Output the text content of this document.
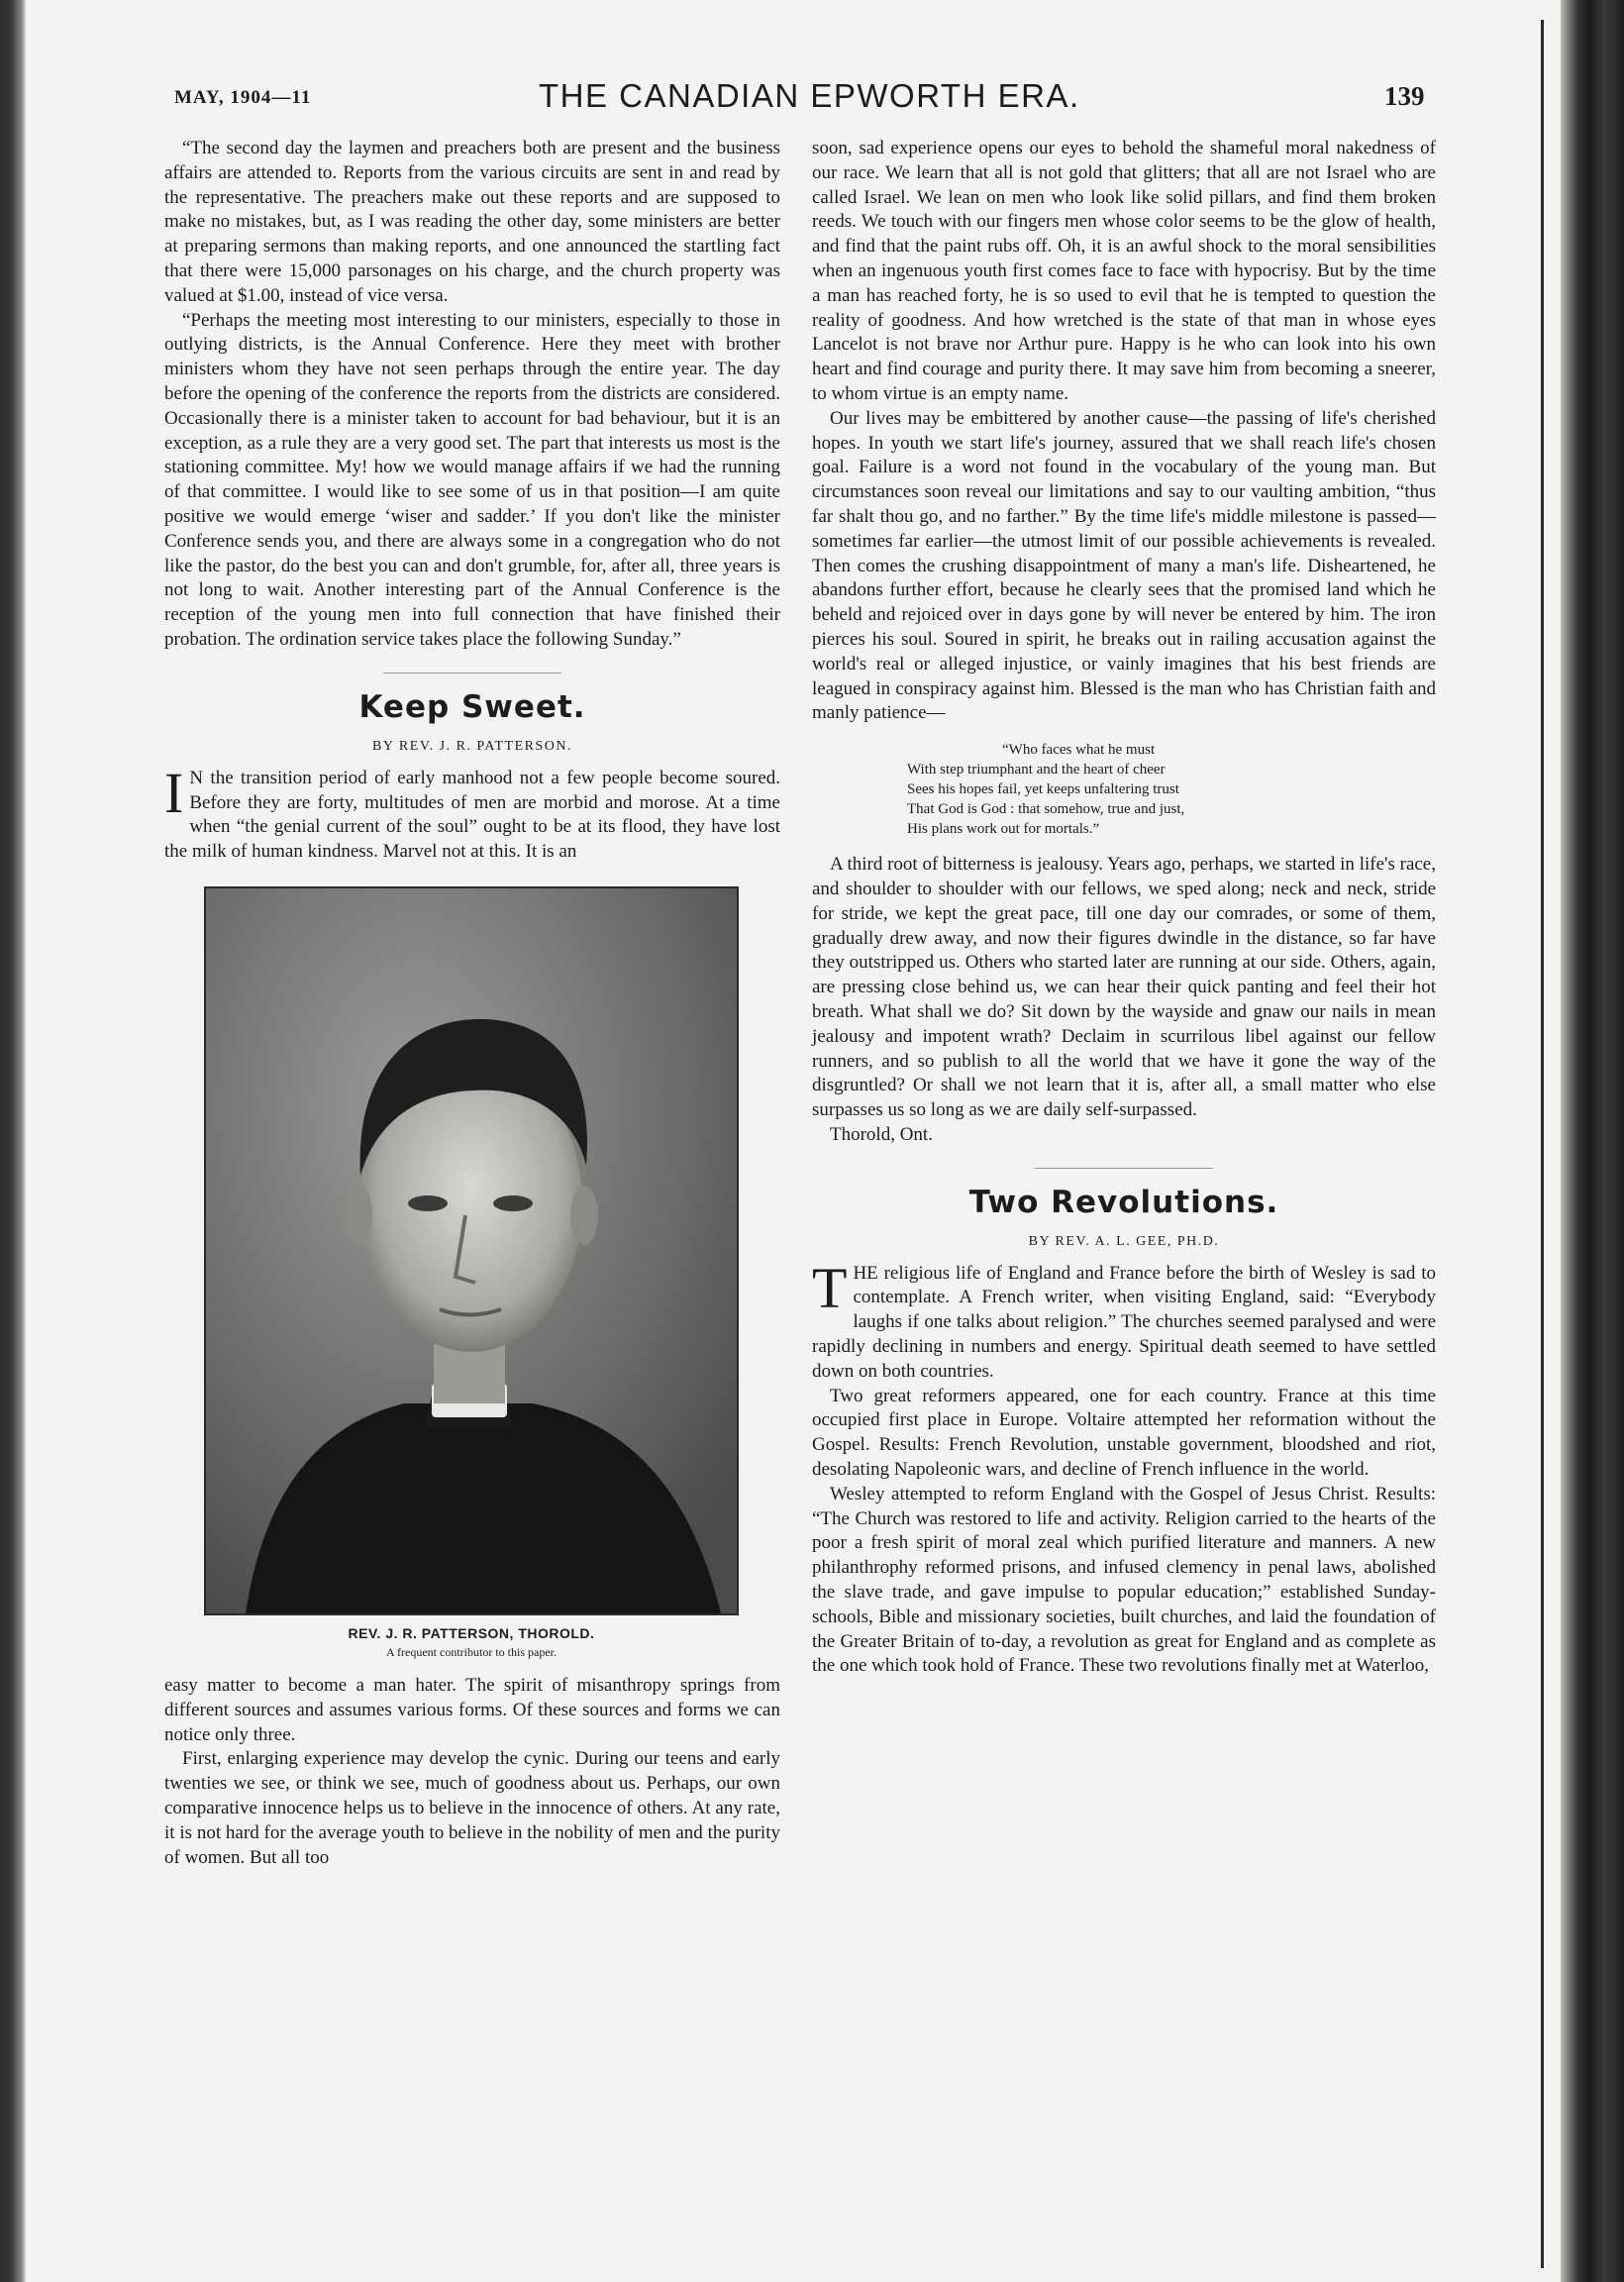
MAY, 1904—11	THE CANADIAN EPWORTH ERA.	139

“The second day the laymen and preachers both are present and the business affairs are attended to. Reports from the various circuits are sent in and read by the representative. The preachers make out these reports and are supposed to make no mistakes, but, as I was reading the other day, some ministers are better at preparing sermons than making reports, and one announced the startling fact that there were 15,000 parsonages on his charge, and the church property was valued at $1.00, instead of vice versa.

“Perhaps the meeting most interesting to our ministers, especially to those in outlying districts, is the Annual Conference. Here they meet with brother ministers whom they have not seen perhaps through the entire year. The day before the opening of the conference the reports from the districts are considered. Occasionally there is a minister taken to account for bad behaviour, but it is an exception, as a rule they are a very good set. The part that interests us most is the stationing committee. My! how we would manage affairs if we had the running of that committee. I would like to see some of us in that position—I am quite positive we would emerge ‘wiser and sadder.’ If you don't like the minister Conference sends you, and there are always some in a congregation who do not like the pastor, do the best you can and don't grumble, for, after all, three years is not long to wait. Another interesting part of the Annual Conference is the reception of the young men into full connection that have finished their probation. The ordination service takes place the following Sunday.”

Keep Sweet.
BY REV. J. R. PATTERSON.

I N the transition period of early manhood not a few people become soured. Before they are forty, multitudes of men are morbid and morose. At a time when “the genial current of the soul” ought to be at its flood, they have lost the milk of human kindness. Marvel not at this. It is an

REV. J. R. PATTERSON, THOROLD.
A frequent contributor to this paper.

easy matter to become a man hater. The spirit of misanthropy springs from different sources and assumes various forms. Of these sources and forms we can notice only three.

First, enlarging experience may develop the cynic. During our teens and early twenties we see, or think we see, much of goodness about us. Perhaps, our own comparative innocence helps us to believe in the innocence of others. At any rate, it is not hard for the average youth to believe in the nobility of men and the purity of women. But all too

soon, sad experience opens our eyes to behold the shameful moral nakedness of our race. We learn that all is not gold that glitters; that all are not Israel who are called Israel. We lean on men who look like solid pillars, and find them broken reeds. We touch with our fingers men whose color seems to be the glow of health, and find that the paint rubs off. Oh, it is an awful shock to the moral sensibilities when an ingenuous youth first comes face to face with hypocrisy. But by the time a man has reached forty, he is so used to evil that he is tempted to question the reality of goodness. And how wretched is the state of that man in whose eyes Lancelot is not brave nor Arthur pure. Happy is he who can look into his own heart and find courage and purity there. It may save him from becoming a sneerer, to whom virtue is an empty name.

Our lives may be embittered by another cause—the passing of life's cherished hopes. In youth we start life's journey, assured that we shall reach life's chosen goal. Failure is a word not found in the vocabulary of the young man. But circumstances soon reveal our limitations and say to our vaulting ambition, “thus far shalt thou go, and no farther.” By the time life's middle milestone is passed—sometimes far earlier—the utmost limit of our possible achievements is revealed. Then comes the crushing disappointment of many a man's life. Disheartened, he abandons further effort, because he clearly sees that the promised land which he beheld and rejoiced over in days gone by will never be entered by him. The iron pierces his soul. Soured in spirit, he breaks out in railing accusation against the world's real or alleged injustice, or vainly imagines that his best friends are leagued in conspiracy against him. Blessed is the man who has Christian faith and manly patience—

“Who faces what he must
With step triumphant and the heart of cheer
Sees his hopes fail, yet keeps unfaltering trust
That God is God : that somehow, true and just,
His plans work out for mortals.”

A third root of bitterness is jealousy. Years ago, perhaps, we started in life's race, and shoulder to shoulder with our fellows, we sped along; neck and neck, stride for stride, we kept the great pace, till one day our comrades, or some of them, gradually drew away, and now their figures dwindle in the distance, so far have they outstripped us. Others who started later are running at our side. Others, again, are pressing close behind us, we can hear their quick panting and feel their hot breath. What shall we do? Sit down by the wayside and gnaw our nails in mean jealousy and impotent wrath? Declaim in scurrilous libel against our fellow runners, and so publish to all the world that we have it gone the way of the disgruntled? Or shall we not learn that it is, after all, a small matter who else surpasses us so long as we are daily self-surpassed.

Thorold, Ont.

Two Revolutions.
BY REV. A. L. GEE, PH.D.

THE religious life of England and France before the birth of Wesley is sad to contemplate. A French writer, when visiting England, said: “Everybody laughs if one talks about religion.” The churches seemed paralysed and were rapidly declining in numbers and energy. Spiritual death seemed to have settled down on both countries.

Two great reformers appeared, one for each country. France at this time occupied first place in Europe. Voltaire attempted her reformation without the Gospel. Results: French Revolution, unstable government, bloodshed and riot, desolating Napoleonic wars, and decline of French influence in the world.

Wesley attempted to reform England with the Gospel of Jesus Christ. Results: “The Church was restored to life and activity. Religion carried to the hearts of the poor a fresh spirit of moral zeal which purified literature and manners. A new philanthrophy reformed prisons, and infused clemency in penal laws, abolished the slave trade, and gave impulse to popular education;” established Sunday-schools, Bible and missionary societies, built churches, and laid the foundation of the Greater Britain of to-day, a revolution as great for England and as complete as the one which took hold of France. These two revolutions finally met at Waterloo,
